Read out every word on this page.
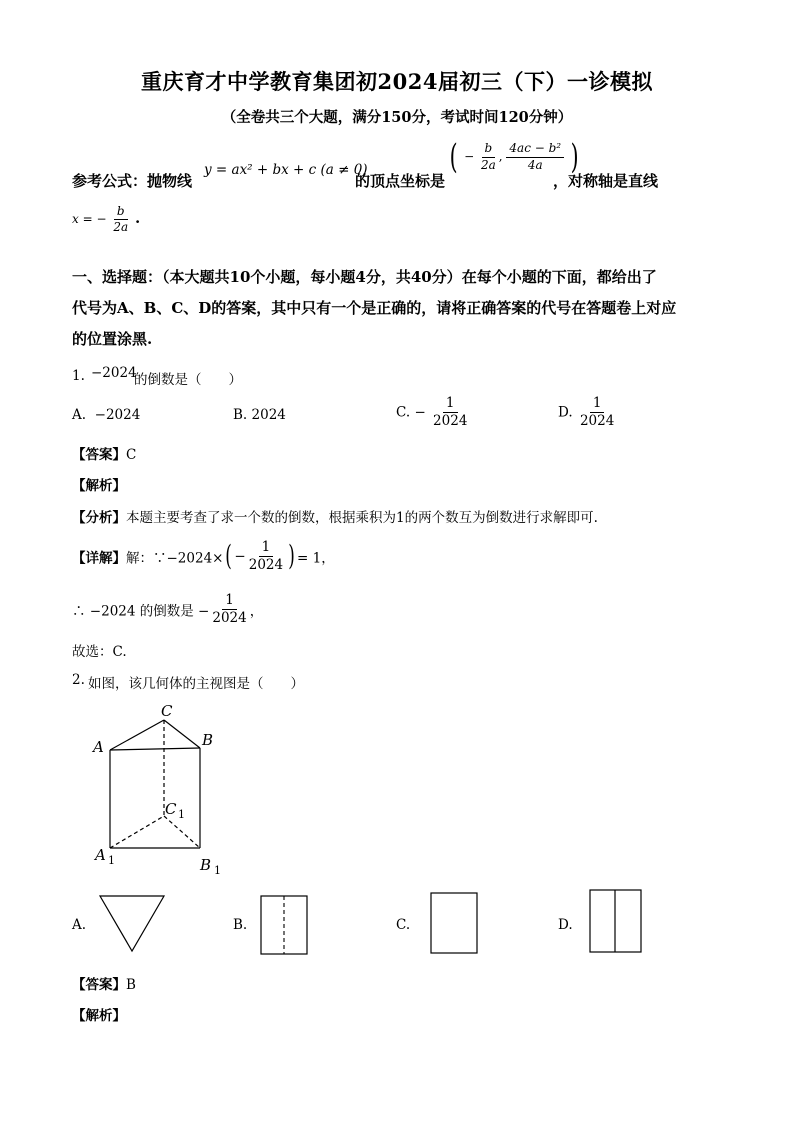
重庆育才中学教育集团初2024届初三（下）一诊模拟
（全卷共三个大题，满分150分，考试时间120分钟）
参考公式：抛物线
y = ax² + bx + c (a ≠ 0)
的顶点坐标是
( − $\frac{b}{2a}$ , $\frac{\text{4ac − b²}}{4a}$ )
，对称轴是直线
x = − $\frac{b}{2a}$ .
一、选择题：（本大题共10个小题，每小题4分，共40分）在每个小题的下面，都给出了
代号为A、B、C、D的答案，其中只有一个是正确的，请将正确答案的代号在答题卷上对应
的位置涂黑.
1. −2024
的倒数是（　　）
A. −2024	B. 2024	C. − $\frac{1}{2024}$	D. $\frac{1}{2024}$
【答案】C
【解析】
【分析】本题主要考查了求一个数的倒数，根据乘积为1的两个数互为倒数进行求解即可.
【详解】解：∵−2024×( − $\frac{1}{2024}$ ) = 1，
∴ −2024 的倒数是 − $\frac{1}{2024}$ ，
故选：C.
2. 如图，该几何体的主视图是（　　）
C
A	B
C
A
B
1
1
1
A.	B.	C.	D.
【答案】B
【解析】
